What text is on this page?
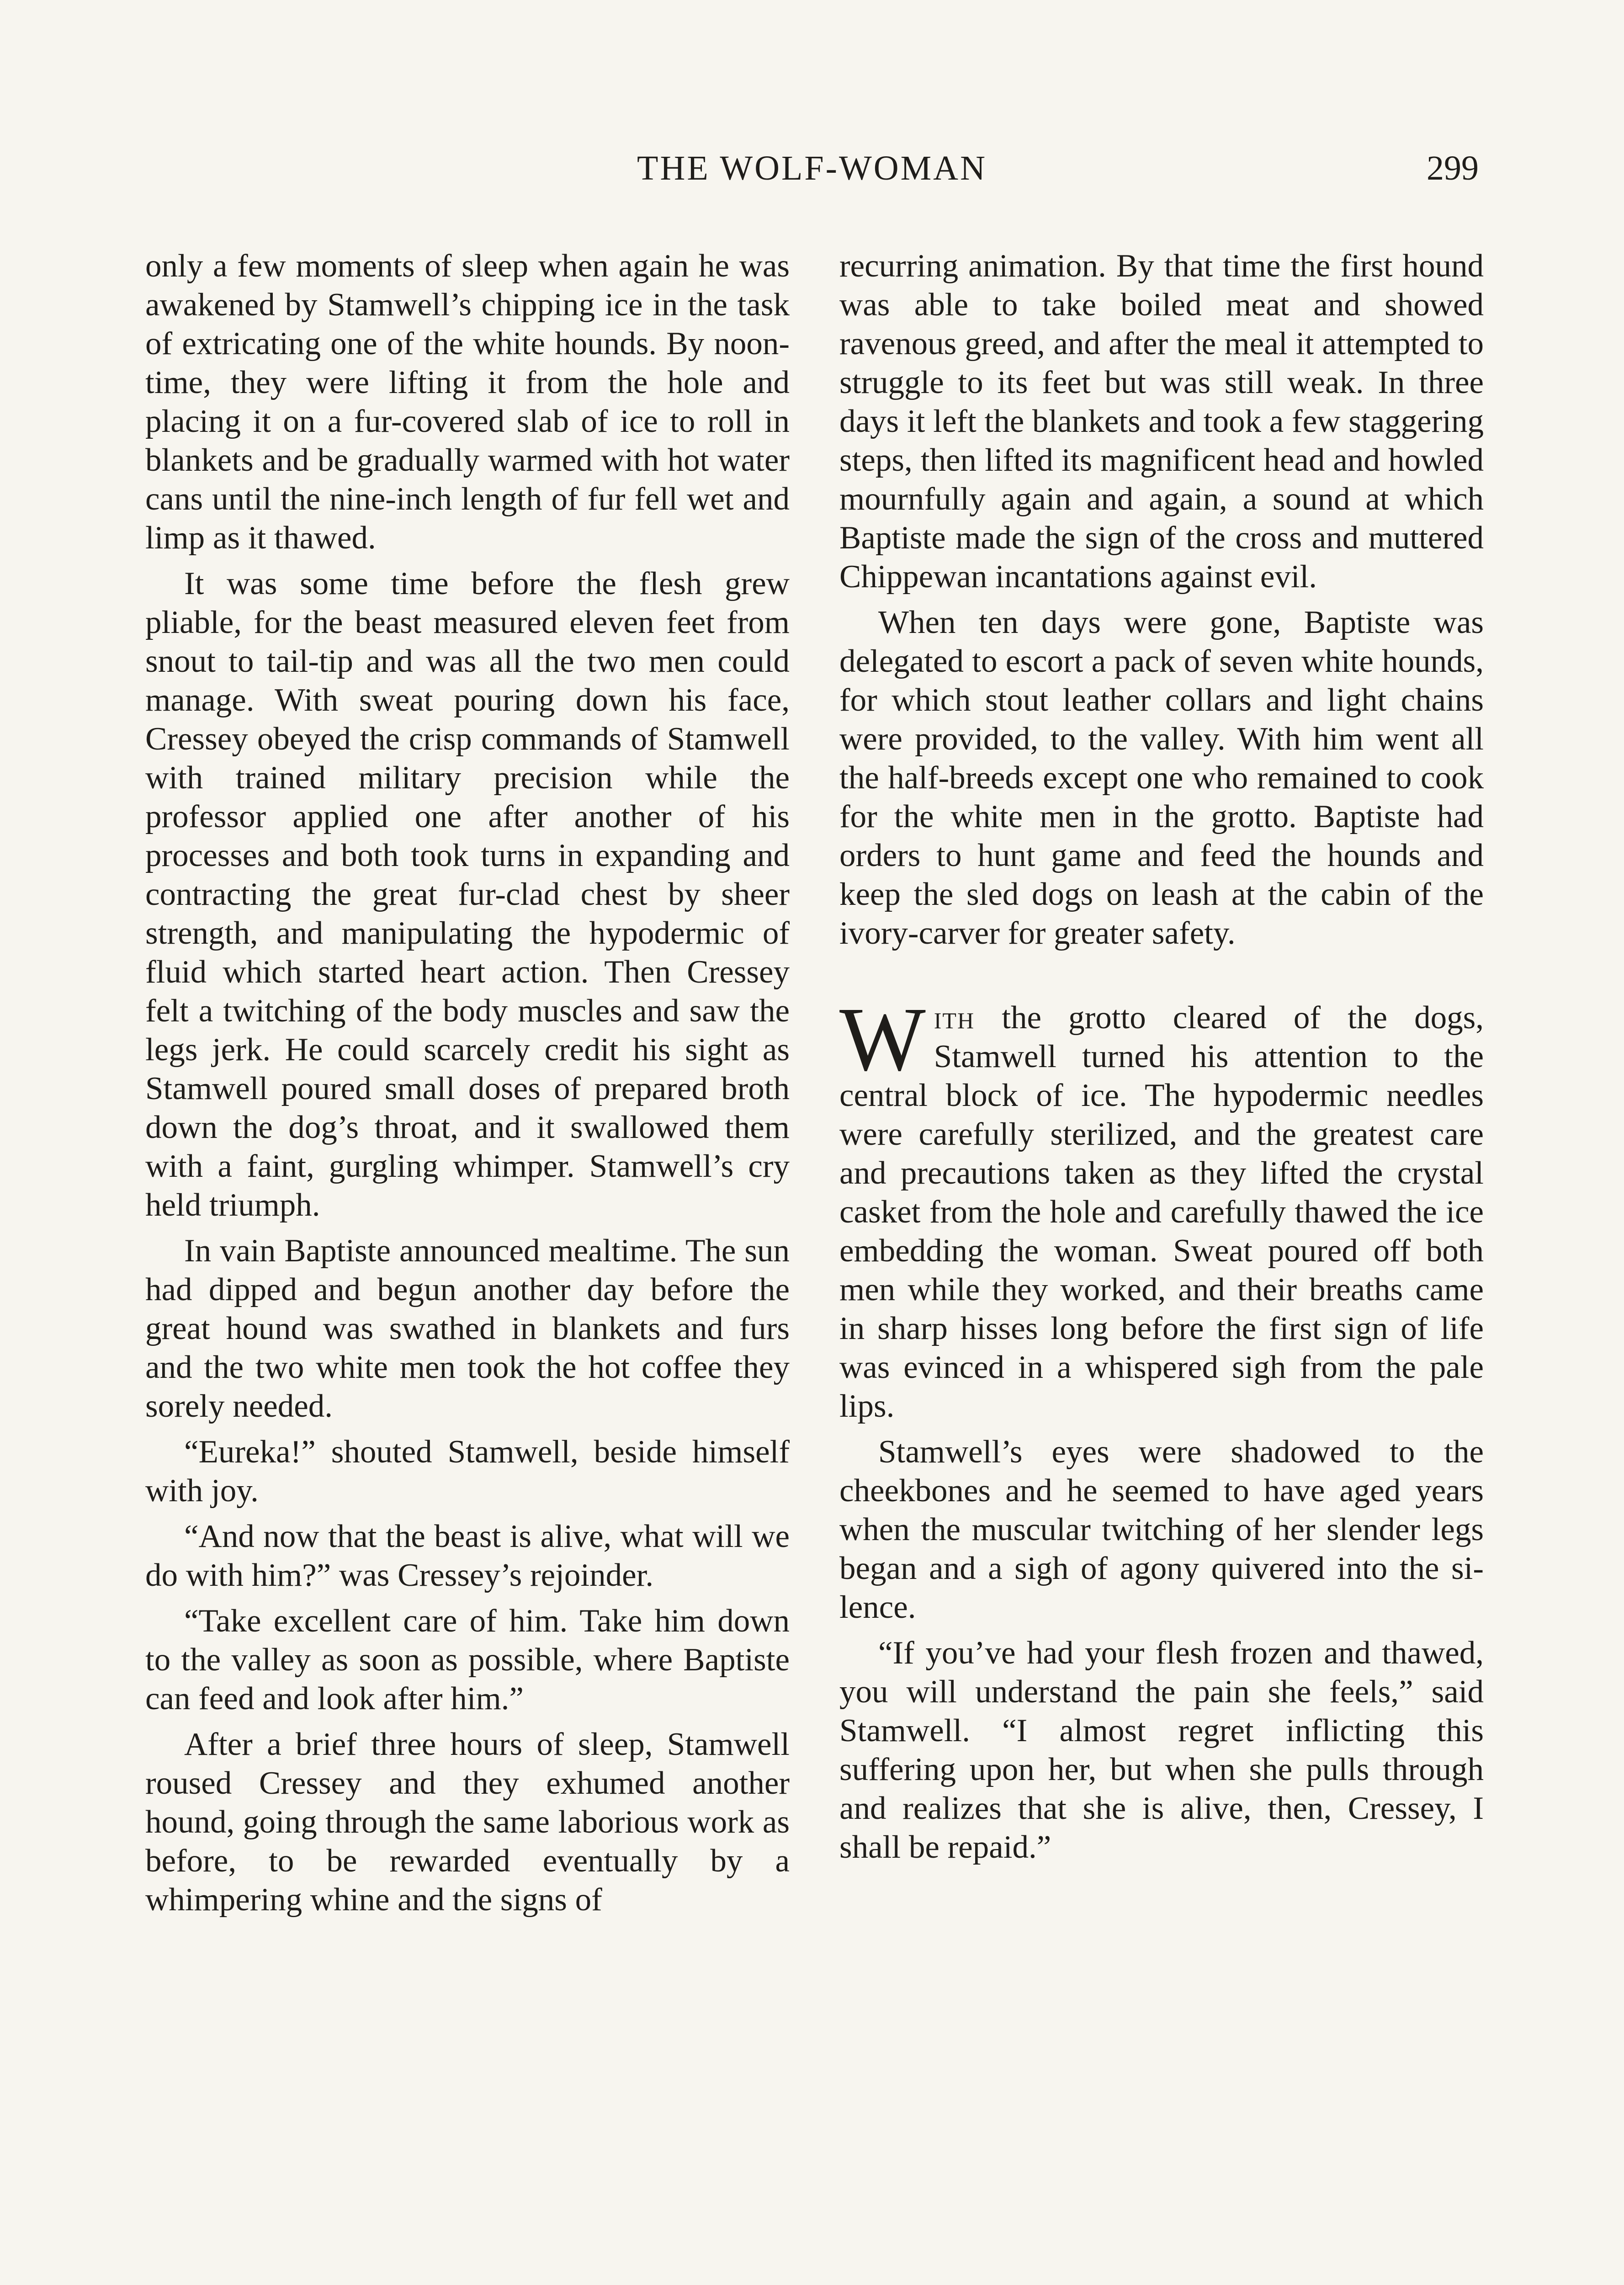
THE WOLF-WOMAN	299

only a few moments of sleep when again he was awakened by Stamwell’s chipping ice in the task of extricating one of the white hounds. By noontime, they were lifting it from the hole and placing it on a fur-covered slab of ice to roll in blankets and be gradually warmed with hot water cans until the nine-inch length of fur fell wet and limp as it thawed.

It was some time before the flesh grew pliable, for the beast measured eleven feet from snout to tail-tip and was all the two men could manage. With sweat pouring down his face, Cressey obeyed the crisp commands of Stamwell with trained military precision while the professor applied one after another of his processes and both took turns in expanding and contracting the great fur-clad chest by sheer strength, and manipulating the hypodermic of fluid which started heart action. Then Cressey felt a twitching of the body muscles and saw the legs jerk. He could scarcely credit his sight as Stamwell poured small doses of prepared broth down the dog’s throat, and it swallowed them with a faint, gurgling whimper. Stamwell’s cry held triumph.

In vain Baptiste announced mealtime. The sun had dipped and begun another day before the great hound was swathed in blankets and furs and the two white men took the hot coffee they sorely needed.

“Eureka!” shouted Stamwell, beside himself with joy.

“And now that the beast is alive, what will we do with him?” was Cressey’s rejoinder.

“Take excellent care of him. Take him down to the valley as soon as possible, where Baptiste can feed and look after him.”

After a brief three hours of sleep, Stamwell roused Cressey and they exhumed another hound, going through the same laborious work as before, to be rewarded eventually by a whimpering whine and the signs of

recurring animation. By that time the first hound was able to take boiled meat and showed ravenous greed, and after the meal it attempted to struggle to its feet but was still weak. In three days it left the blankets and took a few staggering steps, then lifted its magnificent head and howled mournfully again and again, a sound at which Baptiste made the sign of the cross and muttered Chippewan incantations against evil.

When ten days were gone, Baptiste was delegated to escort a pack of seven white hounds, for which stout leather collars and light chains were provided, to the valley. With him went all the half-breeds except one who remained to cook for the white men in the grotto. Baptiste had orders to hunt game and feed the hounds and keep the sled dogs on leash at the cabin of the ivory-carver for greater safety.

With the grotto cleared of the dogs, Stamwell turned his attention to the central block of ice. The hypodermic needles were carefully sterilized, and the greatest care and precautions taken as they lifted the crystal casket from the hole and carefully thawed the ice embedding the woman. Sweat poured off both men while they worked, and their breaths came in sharp hisses long before the first sign of life was evinced in a whispered sigh from the pale lips.

Stamwell’s eyes were shadowed to the cheekbones and he seemed to have aged years when the muscular twitching of her slender legs began and a sigh of agony quivered into the silence.

“If you’ve had your flesh frozen and thawed, you will understand the pain she feels,” said Stamwell. “I almost regret inflicting this suffering upon her, but when she pulls through and realizes that she is alive, then, Cressey, I shall be repaid.”
